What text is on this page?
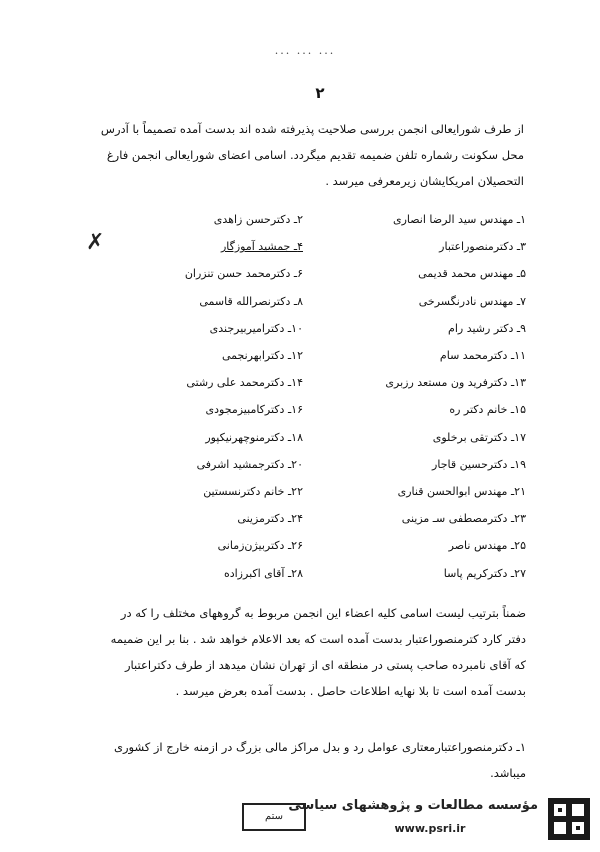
... ... ...
۲
از طرف شورایعالی انجمن بررسی صلاحیت پذیرفته شده اند بدست آمده تصمیماً با آدرس محل سکونت رشماره تلفن ضمیمه تقدیم میگردد. اسامی اعضای شورایعالی انجمن فارغ التحصیلان امریکایشان زیرمعرفی میرسد .
۱ـ مهندس سید الرضا انصاری
۲ـ دکترحسن زاهدی
۳ـ دکترمنصوراعتبار
۴ـ جمشید آموزگار
✗
۵ـ مهندس محمد قدیمی
۶ـ دکترمحمد حسن تنزران
۷ـ مهندس نادرنگسرخی
۸ـ دکترنصرالله قاسمی
۹ـ دکتر رشید رام
۱۰ـ دکترامیربیرجندی
۱۱ـ دکترمحمد سام
۱۲ـ دکترابهرنجمی
۱۳ـ دکترفرید ون مستعد رزبری
۱۴ـ دکترمحمد علی رشتی
۱۵ـ خانم دکتر ره
۱۶ـ دکترکامبیزمجودی
۱۷ـ دکترتقی برخلوی
۱۸ـ دکترمنوچهرنیکپور
۱۹ـ دکترحسین قاجار
۲۰ـ دکترجمشید اشرفی
۲۱ـ مهندس ابوالحسن قناری
۲۲ـ خانم دکترنسستین
۲۳ـ دکترمصطفی سـ مزینی
۲۴ـ دکترمزینی
۲۵ـ مهندس ناصر
۲۶ـ دکتربیژن‌زمانی
۲۷ـ دکترکریم پاسا
۲۸ـ آقای اکبرزاده
ضمناً بترتیب لیست اسامی کلیه اعضاء این انجمن مربوط به گروههای مختلف را که در دفتر کارد کترمنصوراعتبار بدست آمده است که بعد الاعلام خواهد شد . بنا بر این ضمیمه که آقای نامبرده صاحب پستی در منطقه ای از تهران نشان میدهد از طرف دکتراعتبار بدست آمده است تا بلا نهایه اطلاعات حاصل . بدست آمده بعرض میرسد .
۱ـ دکترمنصوراعتبارمعتاری عوامل رد و بدل مراکز مالی بزرگ در ازمنه خارج از کشوری میباشد.
ستم
مؤسسه مطالعات و پژوهشهای سیاسی
www.psri.ir
